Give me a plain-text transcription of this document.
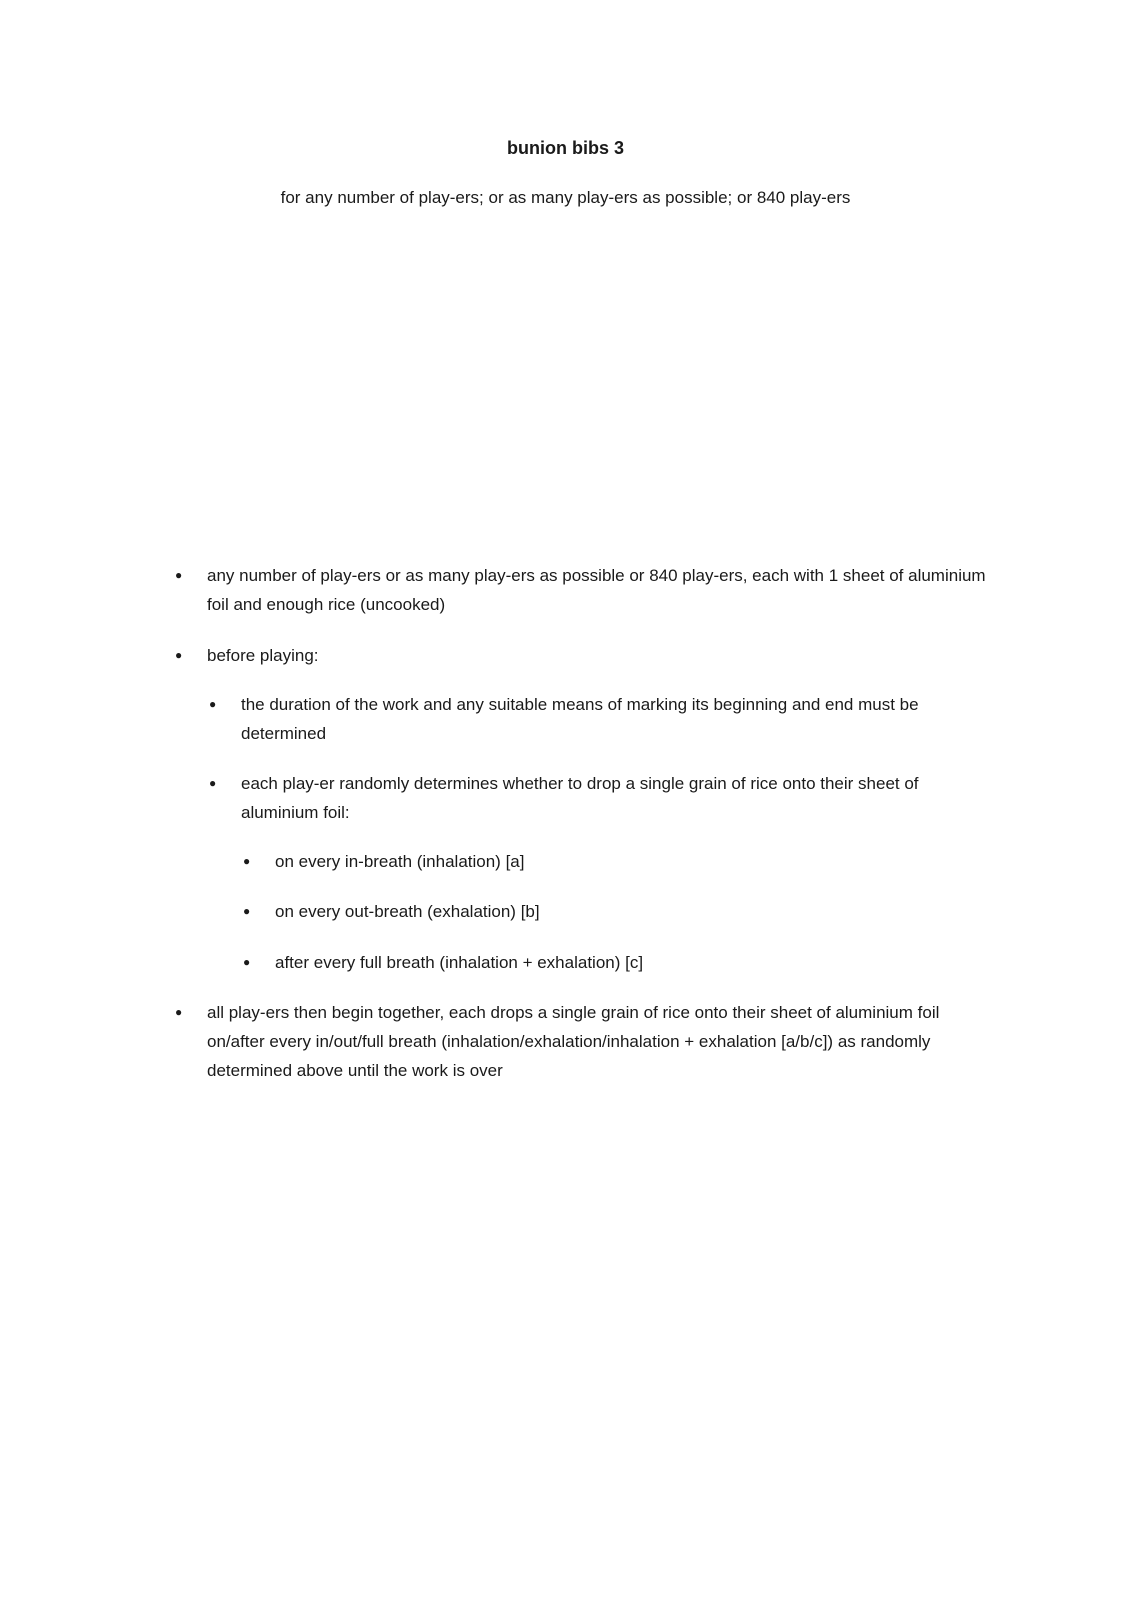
bunion bibs 3
for any number of play-ers; or as many play-ers as possible; or 840 play-ers
● any number of play-ers or as many play-ers as possible or 840 play-ers, each with 1 sheet of aluminium foil and enough rice (uncooked)
● before playing:
● the duration of the work and any suitable means of marking its beginning and end must be determined
● each play-er randomly determines whether to drop a single grain of rice onto their sheet of aluminium foil:
● on every in-breath (inhalation) [a]
● on every out-breath (exhalation) [b]
● after every full breath (inhalation + exhalation) [c]
● all play-ers then begin together, each drops a single grain of rice onto their sheet of aluminium foil on/after every in/out/full breath (inhalation/exhalation/inhalation + exhalation [a/b/c]) as randomly determined above until the work is over
